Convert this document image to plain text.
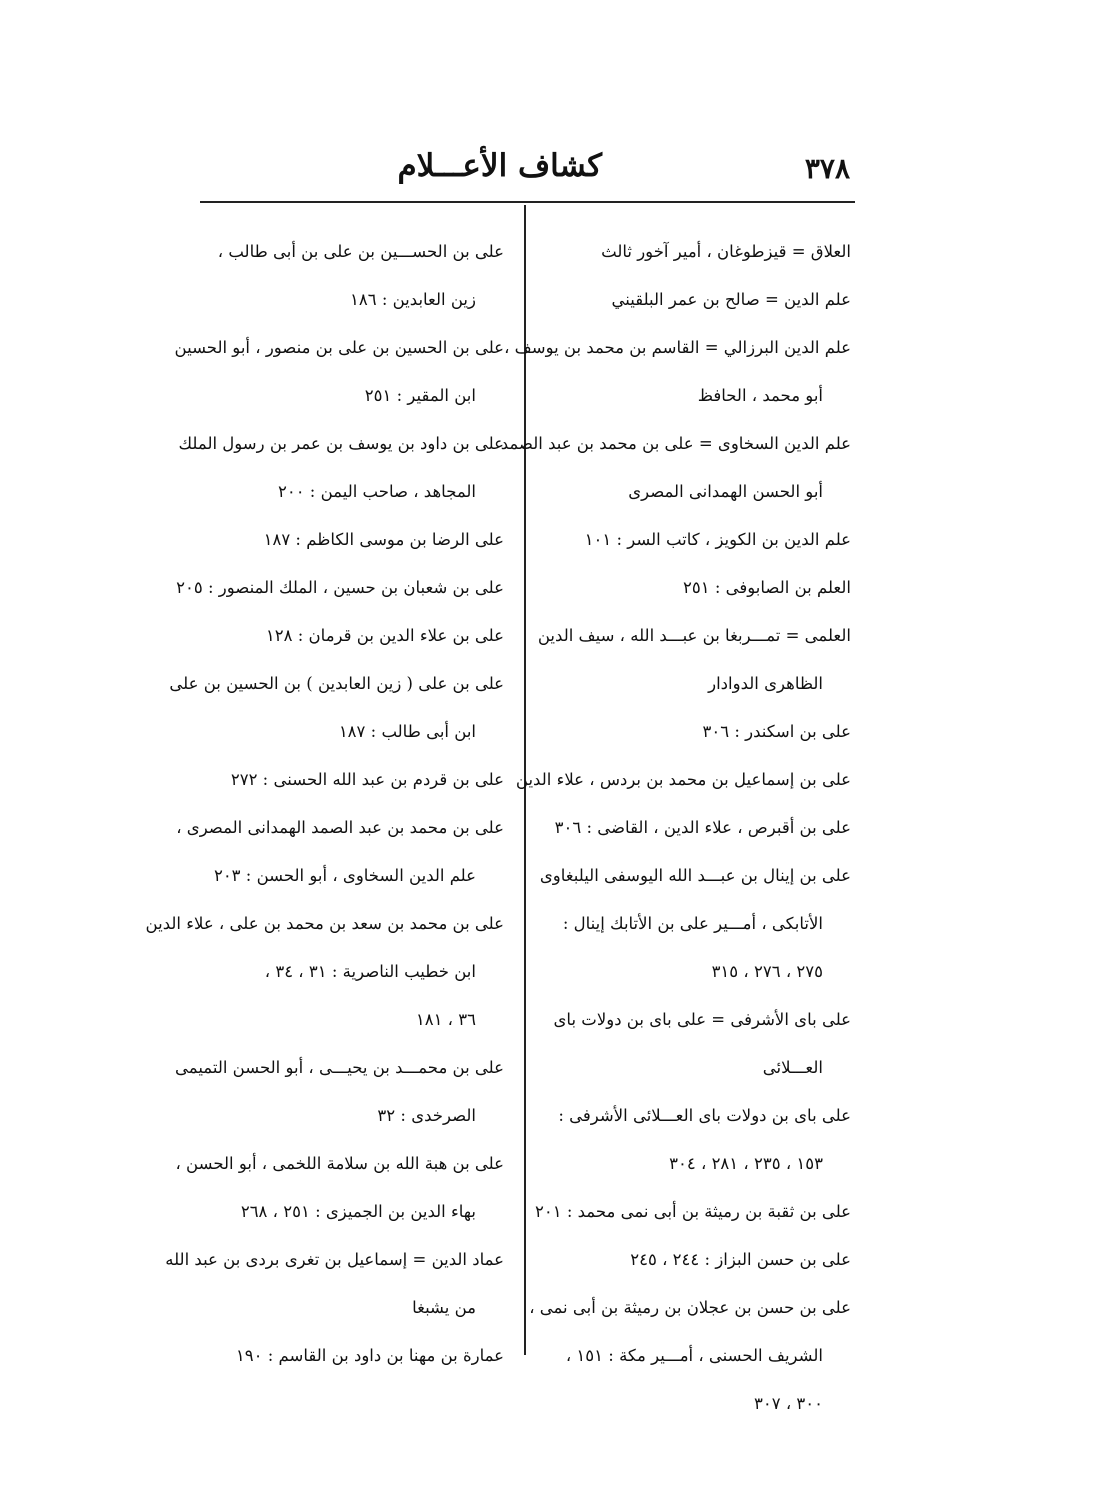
٣٧٨
كشاف الأعـــلام
العلاق = قيزطوغان ، أمير آخور ثالث
علم الدين = صالح بن عمر البلقيني
علم الدين البرزالي = القاسم بن محمد بن يوسف ،
أبو محمد ، الحافظ
علم الدين السخاوى = على بن محمد بن عبد الصمد
أبو الحسن الهمدانى المصرى
علم الدين بن الكويز ، كاتب السر : ١٠١
العلم بن الصابوفى : ٢٥١
العلمى = تمـــربغا بن عبـــد الله ، سيف الدين
الظاهرى الدوادار
على بن اسكندر : ٣٠٦
على بن إسماعيل بن محمد بن بردس ، علاء الدين
على بن أقبرص ، علاء الدين ، القاضى : ٣٠٦
على بن إينال بن عبـــد الله اليوسفى اليلبغاوى
الأتابكى ، أمـــير على بن الأتابك إينال :
٢٧٥ ، ٢٧٦ ، ٣١٥
على باى الأشرفى = على باى بن دولات باى
العـــلائى
على باى بن دولات باى العـــلائى الأشرفى :
١٥٣ ، ٢٣٥ ، ٢٨١ ، ٣٠٤
على بن ثقبة بن رميثة بن أبى نمى محمد : ٢٠١
على بن حسن البزاز : ٢٤٤ ، ٢٤٥
على بن حسن بن عجلان بن رميثة بن أبى نمى ،
الشريف الحسنى ، أمـــير مكة : ١٥١ ،
٣٠٠ ، ٣٠٧
على بن الحســـين بن على بن أبى طالب ،
زين العابدين : ١٨٦
على بن الحسين بن على بن منصور ، أبو الحسين
ابن المقير : ٢٥١
على بن داود بن يوسف بن عمر بن رسول الملك
المجاهد ، صاحب اليمن : ٢٠٠
على الرضا بن موسى الكاظم : ١٨٧
على بن شعبان بن حسين ، الملك المنصور : ٢٠٥
على بن علاء الدين بن قرمان : ١٢٨
على بن على ( زين العابدين ) بن الحسين بن على
ابن أبى طالب : ١٨٧
على بن قردم بن عبد الله الحسنى : ٢٧٢
على بن محمد بن عبد الصمد الهمدانى المصرى ،
علم الدين السخاوى ، أبو الحسن : ٢٠٣
على بن محمد بن سعد بن محمد بن على ، علاء الدين
ابن خطيب الناصرية : ٣١ ، ٣٤ ،
٣٦ ، ١٨١
على بن محمـــد بن يحيـــى ، أبو الحسن التميمى
الصرخدى : ٣٢
على بن هبة الله بن سلامة اللخمى ، أبو الحسن ،
بهاء الدين بن الجميزى : ٢٥١ ، ٢٦٨
عماد الدين = إسماعيل بن تغرى بردى بن عبد الله
من يشبغا
عمارة بن مهنا بن داود بن القاسم : ١٩٠
